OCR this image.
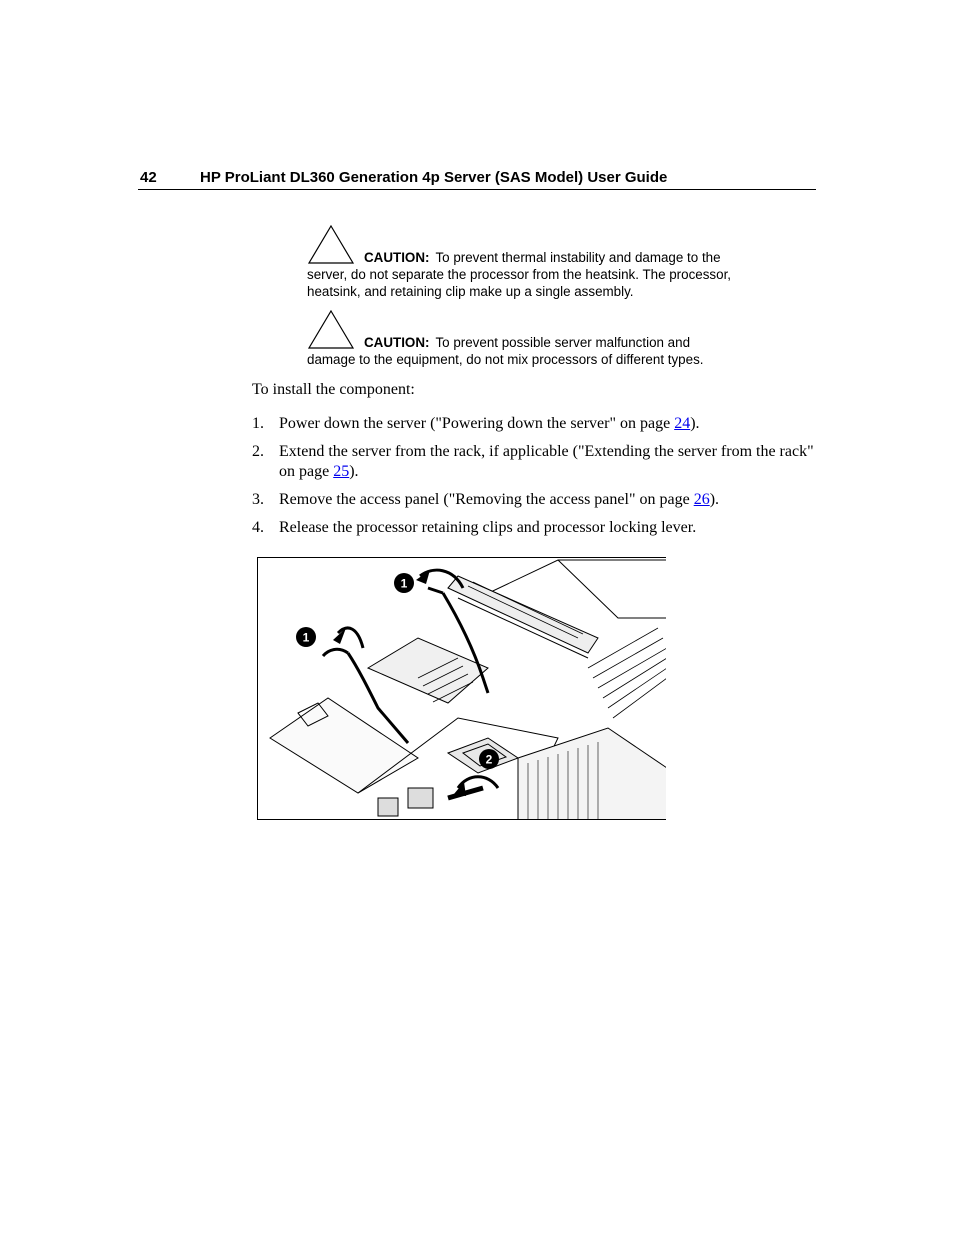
42	HP ProLiant DL360 Generation 4p Server (SAS Model) User Guide
CAUTION: To prevent thermal instability and damage to the
server, do not separate the processor from the heatsink. The processor,
heatsink, and retaining clip make up a single assembly.
CAUTION: To prevent possible server malfunction and
damage to the equipment, do not mix processors of different types.
To install the component:
1. Power down the server ("Powering down the server" on page 24).
2. Extend the server from the rack, if applicable ("Extending the server from the rack" on page 25).
3. Remove the access panel ("Removing the access panel" on page 26).
4. Release the processor retaining clips and processor locking lever.
1
1
2
